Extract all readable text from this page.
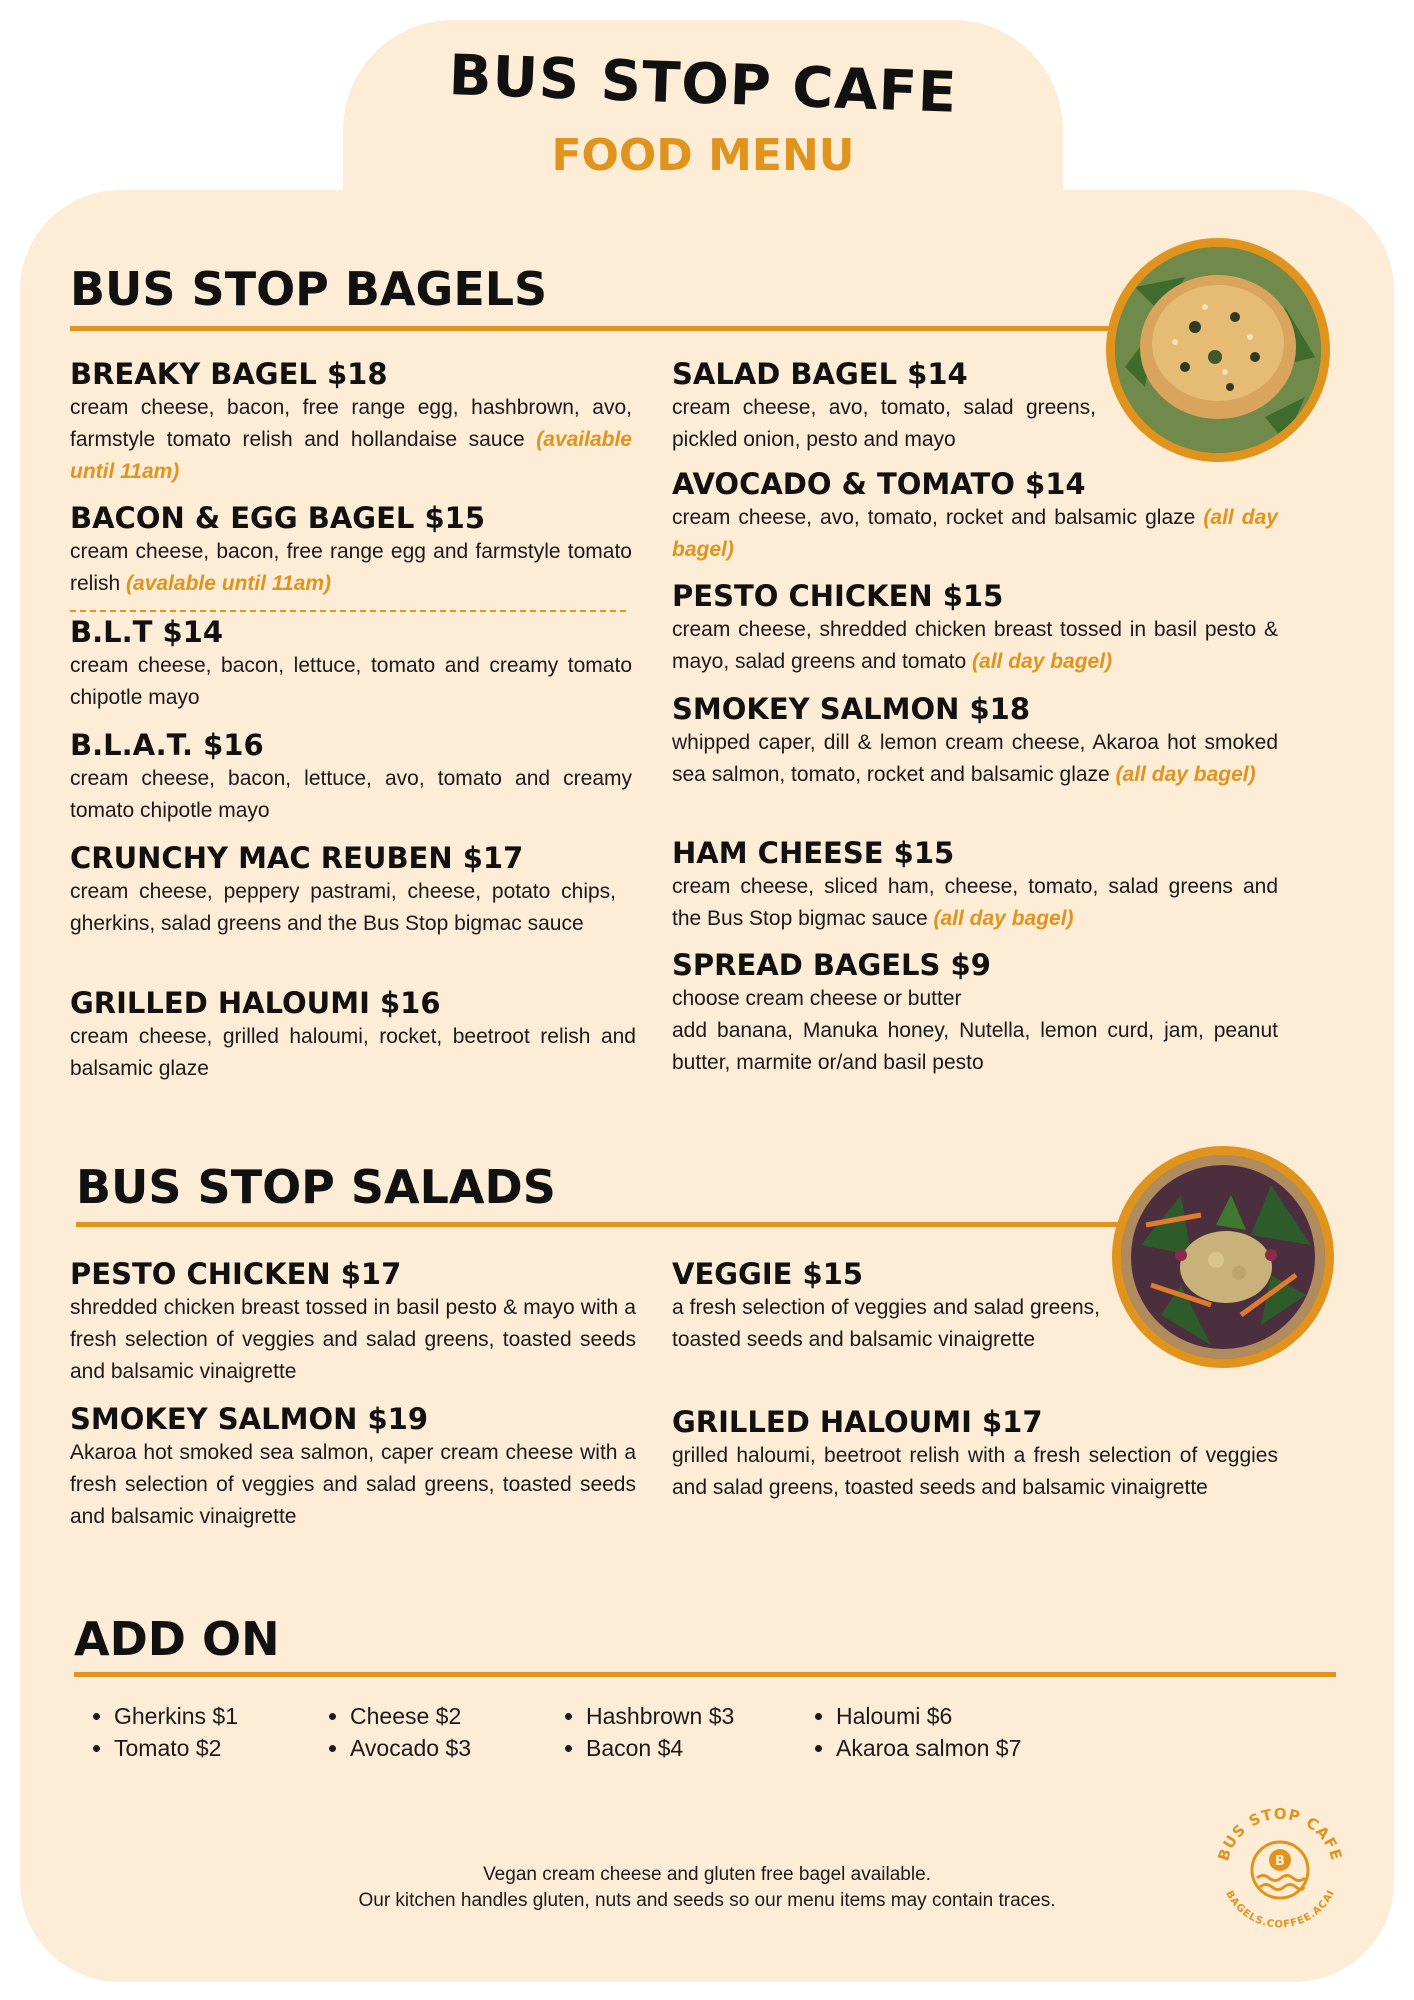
BUS STOP CAFE
FOOD MENU
BUS STOP BAGELS
BREAKY BAGEL $18
cream cheese, bacon, free range egg, hashbrown, avo, farmstyle tomato relish and hollandaise sauce (available until 11am)
BACON & EGG BAGEL $15
cream cheese, bacon, free range egg and farmstyle tomato relish (avalable until 11am)
B.L.T $14
cream cheese, bacon, lettuce, tomato and creamy tomato chipotle mayo
B.L.A.T. $16
cream cheese, bacon, lettuce, avo, tomato and creamy tomato chipotle mayo
CRUNCHY MAC REUBEN $17
cream cheese, peppery pastrami, cheese, potato chips, gherkins, salad greens and the Bus Stop bigmac sauce
GRILLED HALOUMI $16
cream cheese, grilled haloumi, rocket, beetroot relish and balsamic glaze
SALAD BAGEL $14
cream cheese, avo, tomato, salad greens, pickled onion, pesto and mayo
AVOCADO & TOMATO $14
cream cheese, avo, tomato, rocket and balsamic glaze (all day bagel)
PESTO CHICKEN $15
cream cheese, shredded chicken breast tossed in basil pesto & mayo, salad greens and tomato (all day bagel)
SMOKEY SALMON $18
whipped caper, dill & lemon cream cheese, Akaroa hot smoked sea salmon, tomato, rocket and balsamic glaze (all day bagel)
HAM CHEESE $15
cream cheese, sliced ham, cheese, tomato, salad greens and the Bus Stop bigmac sauce (all day bagel)
SPREAD BAGELS $9
choose cream cheese or butter
add banana, Manuka honey, Nutella, lemon curd, jam, peanut butter, marmite or/and basil pesto
BUS STOP SALADS
PESTO CHICKEN $17
shredded chicken breast tossed in basil pesto & mayo with a fresh selection of veggies and salad greens, toasted seeds and balsamic vinaigrette
SMOKEY SALMON $19
Akaroa hot smoked sea salmon, caper cream cheese with a fresh selection of veggies and salad greens, toasted seeds and balsamic vinaigrette
VEGGIE $15
a fresh selection of veggies and salad greens, toasted seeds and balsamic vinaigrette
GRILLED HALOUMI $17
grilled haloumi, beetroot relish with a fresh selection of veggies and salad greens, toasted seeds and balsamic vinaigrette
ADD ON
• Gherkins $1
• Tomato $2
• Cheese $2
• Avocado $3
• Hashbrown $3
• Bacon $4
• Haloumi $6
• Akaroa salmon $7
Vegan cream cheese and gluten free bagel available.
Our kitchen handles gluten, nuts and seeds so our menu items may contain traces.
BUS STOP CAFE
BAGELS.COFFEE.ACAI
B
